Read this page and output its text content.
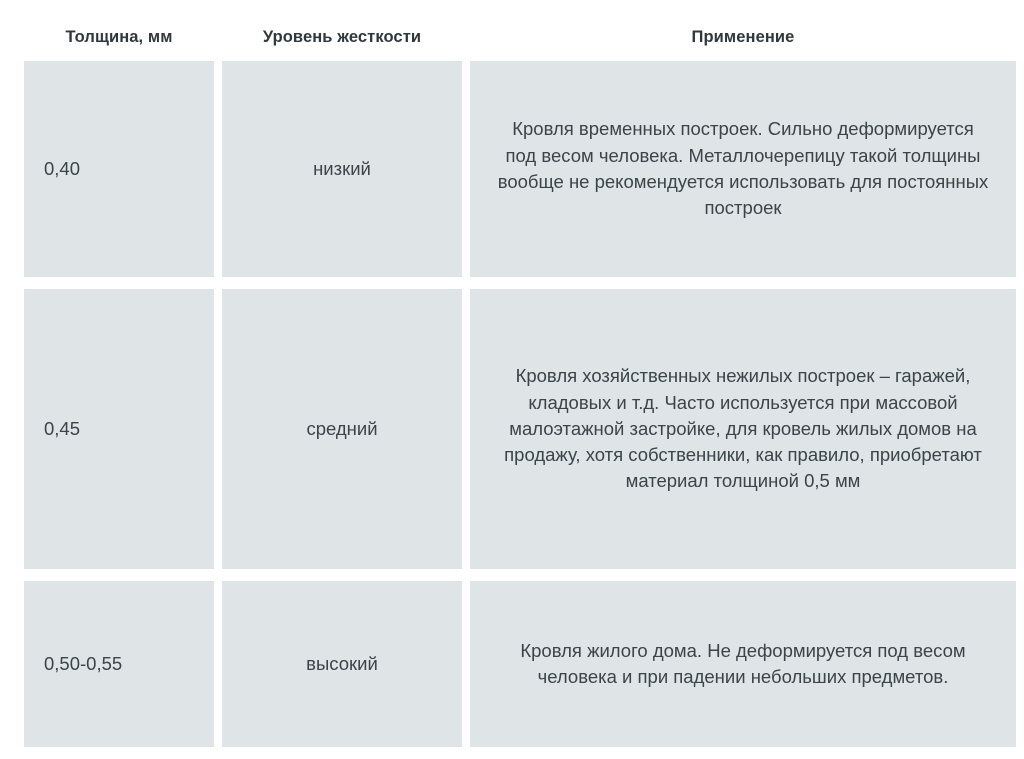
Толщина, мм	Уровень жесткости	Применение
0,40	низкий	Кровля временных построек. Сильно деформируется под весом человека. Металлочерепицу такой толщины вообще не рекомендуется использовать для постоянных построек

0,45	средний	Кровля хозяйственных нежилых построек – гаражей, кладовых и т.д. Часто используется при массовой малоэтажной застройке, для кровель жилых домов на продажу, хотя собственники, как правило, приобретают материал толщиной 0,5 мм

0,50-0,55	высокий	Кровля жилого дома. Не деформируется под весом человека и при падении небольших предметов.
